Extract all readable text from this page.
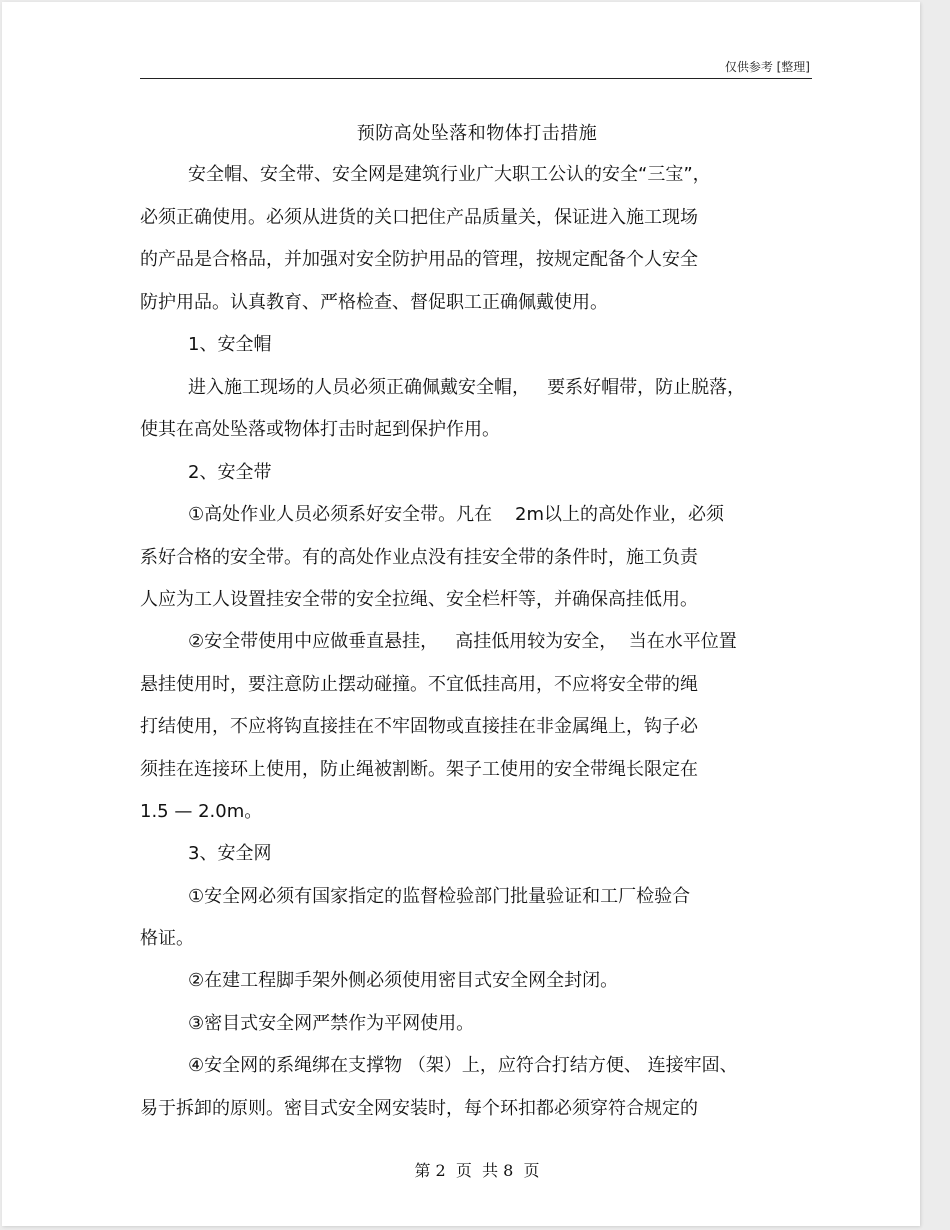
仅供参考 [整理]
预防高处坠落和物体打击措施
安全帽、安全带、安全网是建筑行业广大职工公认的安全“三宝”，
必须正确使用。必须从进货的关口把住产品质量关，保证进入施工现场
的产品是合格品，并加强对安全防护用品的管理，按规定配备个人安全
防护用品。认真教育、严格检查、督促职工正确佩戴使用。
1、安全帽
进入施工现场的人员必须正确佩戴安全帽，   要系好帽带，防止脱落，
使其在高处坠落或物体打击时起到保护作用。
2、安全带
①高处作业人员必须系好安全带。凡在    2m以上的高处作业，必须
系好合格的安全带。有的高处作业点没有挂安全带的条件时，施工负责
人应为工人设置挂安全带的安全拉绳、安全栏杆等，并确保高挂低用。
②安全带使用中应做垂直悬挂，   高挂低用较为安全，  当在水平位置
悬挂使用时，要注意防止摆动碰撞。不宜低挂高用，不应将安全带的绳
打结使用，不应将钩直接挂在不牢固物或直接挂在非金属绳上，钩子必
须挂在连接环上使用，防止绳被割断。架子工使用的安全带绳长限定在
1.5 — 2.0m。
3、安全网
①安全网必须有国家指定的监督检验部门批量验证和工厂检验合
格证。
②在建工程脚手架外侧必须使用密目式安全网全封闭。
③密目式安全网严禁作为平网使用。
④安全网的系绳绑在支撑物 （架）上，应符合打结方便、 连接牢固、
易于拆卸的原则。密目式安全网安装时，每个环扣都必须穿符合规定的
第 2  页  共 8  页
